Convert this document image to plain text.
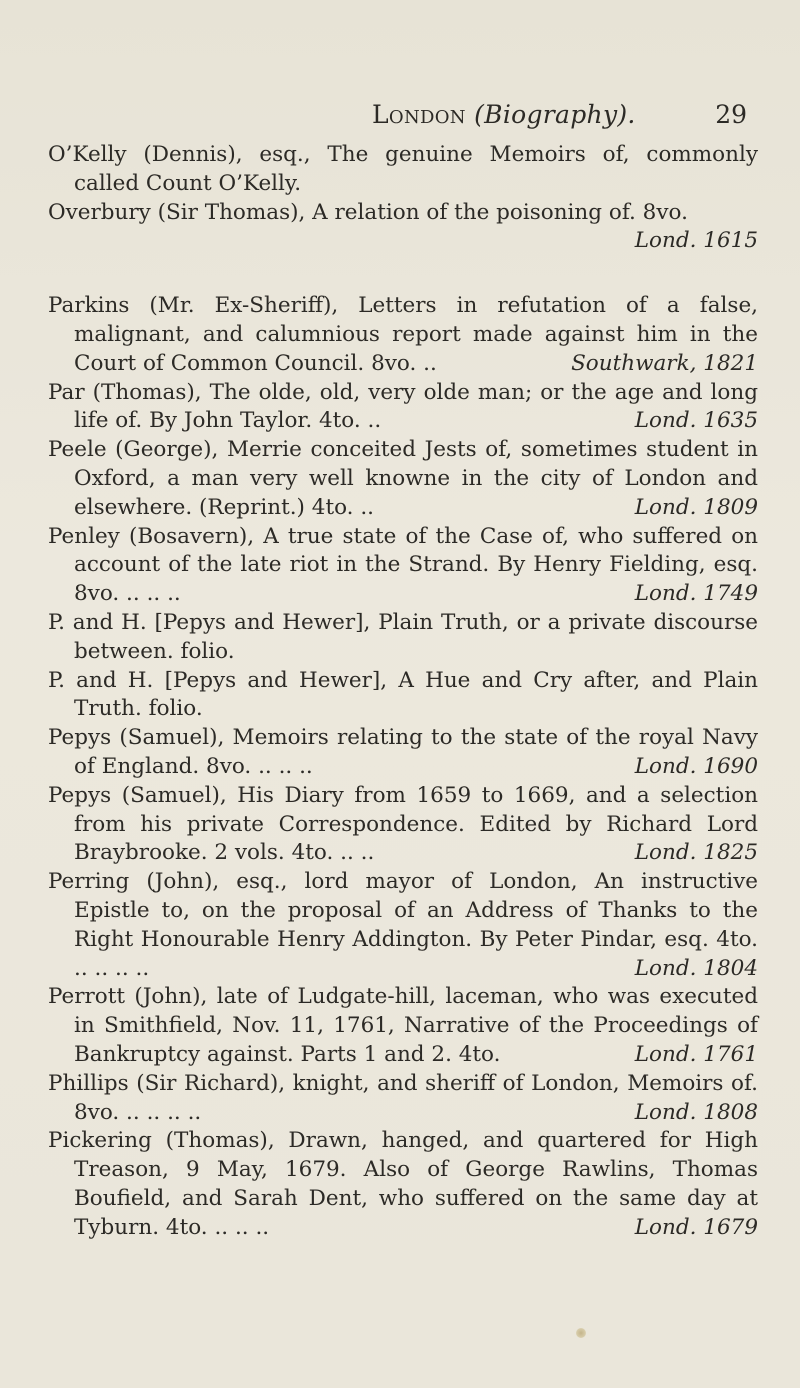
London (Biography).	29
O’Kelly (Dennis), esq., The genuine Memoirs of, commonly called Count O’Kelly.
Overbury (Sir Thomas), A relation of the poisoning of. 8vo.
Lond. 1615
Parkins (Mr. Ex-Sheriff), Letters in refutation of a false, malignant, and calumnious report made against him in the Court of Common Council. 8vo. ..	Southwark, 1821
Par (Thomas), The olde, old, very olde man; or the age and long life of. By John Taylor. 4to. ..	Lond. 1635
Peele (George), Merrie conceited Jests of, sometimes student in Oxford, a man very well knowne in the city of London and elsewhere. (Reprint.) 4to. ..	Lond. 1809
Penley (Bosavern), A true state of the Case of, who suffered on account of the late riot in the Strand. By Henry Fielding, esq. 8vo. .. .. ..	Lond. 1749
P. and H. [Pepys and Hewer], Plain Truth, or a private discourse between. folio.
P. and H. [Pepys and Hewer], A Hue and Cry after, and Plain Truth. folio.
Pepys (Samuel), Memoirs relating to the state of the royal Navy of England. 8vo. .. .. ..	Lond. 1690
Pepys (Samuel), His Diary from 1659 to 1669, and a selection from his private Correspondence. Edited by Richard Lord Braybrooke. 2 vols. 4to. .. ..	Lond. 1825
Perring (John), esq., lord mayor of London, An instructive Epistle to, on the proposal of an Address of Thanks to the Right Honourable Henry Addington. By Peter Pindar, esq. 4to. .. .. .. ..	Lond. 1804
Perrott (John), late of Ludgate-hill, laceman, who was executed in Smithfield, Nov. 11, 1761, Narrative of the Proceedings of Bankruptcy against. Parts 1 and 2. 4to.	Lond. 1761
Phillips (Sir Richard), knight, and sheriff of London, Memoirs of. 8vo. .. .. .. ..	Lond. 1808
Pickering (Thomas), Drawn, hanged, and quartered for High Treason, 9 May, 1679. Also of George Rawlins, Thomas Boufield, and Sarah Dent, who suffered on the same day at Tyburn. 4to. .. .. ..	Lond. 1679
